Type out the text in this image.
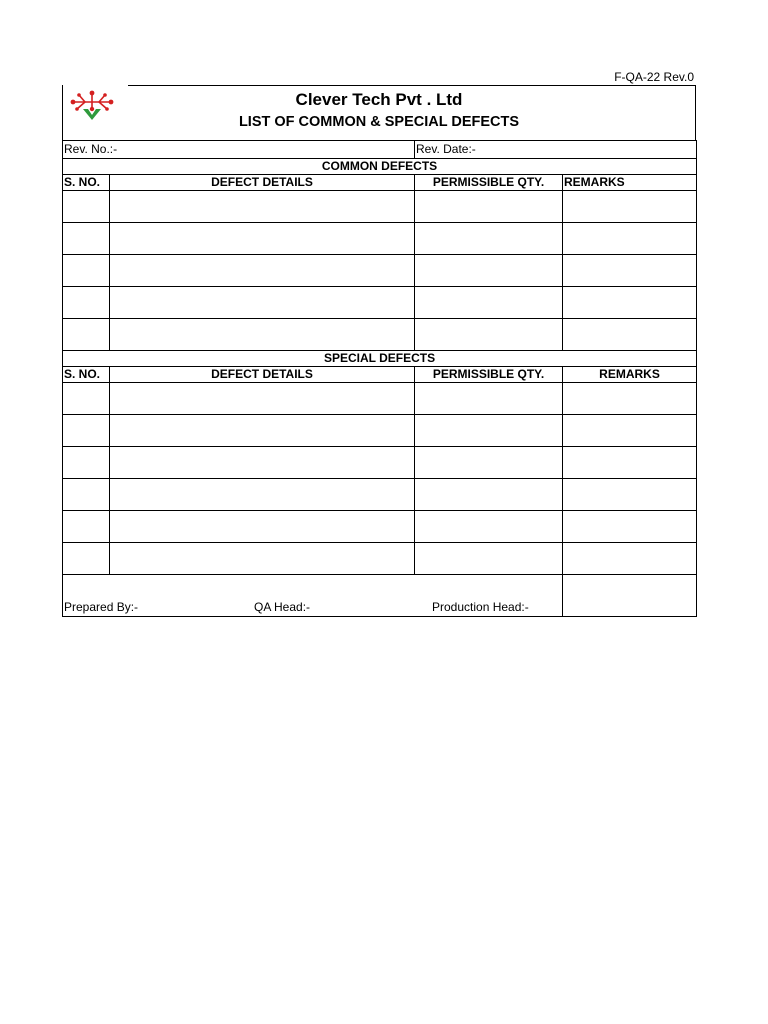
F-QA-22 Rev.0
Clever Tech Pvt . Ltd
LIST OF COMMON & SPECIAL DEFECTS
Rev. No.:-		Rev. Date:-	
COMMON DEFECTS			
S. NO.	DEFECT DETAILS	PERMISSIBLE QTY.	REMARKS

SPECIAL DEFECTS			
S. NO.	DEFECT DETAILS	PERMISSIBLE QTY.	REMARKS

Prepared By:- QA Head:- Production Head:-			
